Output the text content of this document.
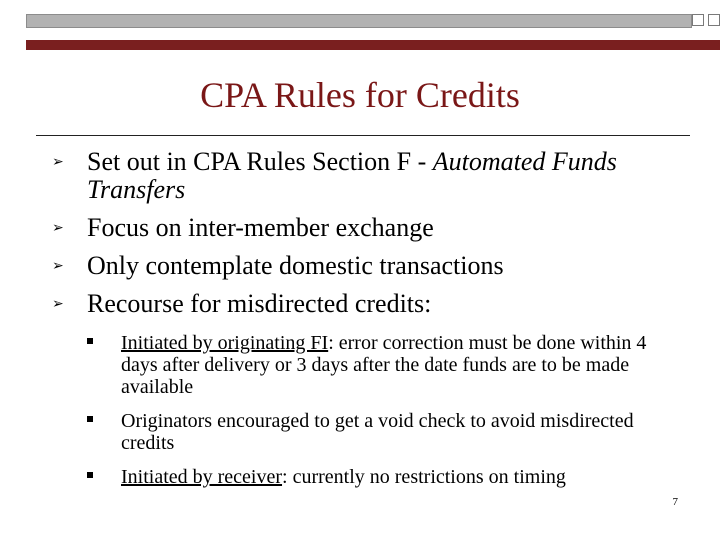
CPA Rules for Credits
➢ Set out in CPA Rules Section F - Automated Funds Transfers
➢ Focus on inter-member exchange
➢ Only contemplate domestic transactions
➢ Recourse for misdirected credits:
Initiated by originating FI: error correction must be done within 4 days after delivery or 3 days after the date funds are to be made available
Originators encouraged to get a void check to avoid misdirected credits
Initiated by receiver: currently no restrictions on timing
7
